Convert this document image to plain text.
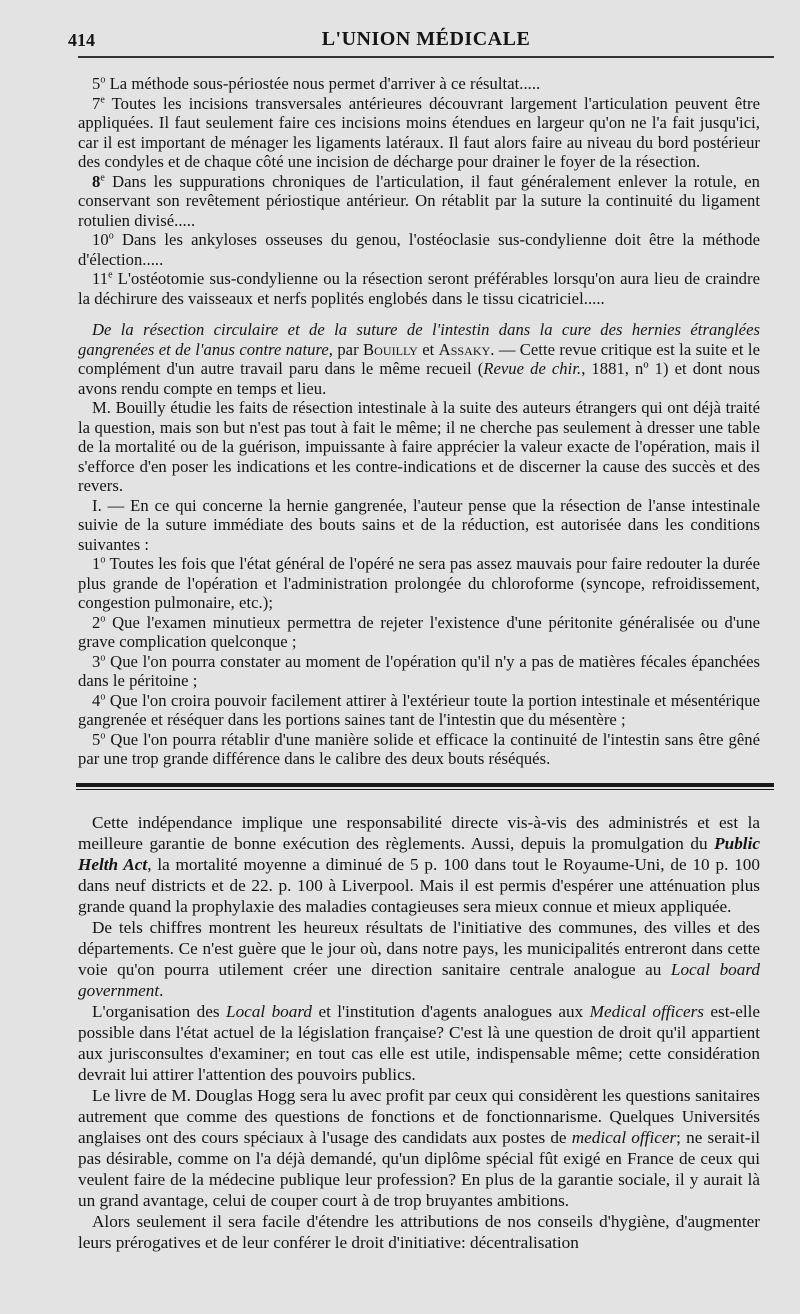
414	L'UNION MÉDICALE

5$^o$ La méthode sous-périostée nous permet d'arriver à ce résultat.....

7e Toutes les incisions transversales antérieures découvrant largement l'articulation peuvent être appliquées. Il faut seulement faire ces incisions moins étendues en largeur qu'on ne l'a fait jusqu'ici, car il est important de ménager les ligaments latéraux. Il faut alors faire au niveau du bord postérieur des condyles et de chaque côté une incision de décharge pour drainer le foyer de la résection.

8e Dans les suppurations chroniques de l'articulation, il faut généralement enlever la rotule, en conservant son revêtement périostique antérieur. On rétablit par la suture la continuité du ligament rotulien divisé.....

10$^o$ Dans les ankyloses osseuses du genou, l'ostéoclasie sus-condylienne doit être la méthode d'élection.....

11e L'ostéotomie sus-condylienne ou la résection seront préférables lorsqu'on aura lieu de craindre la déchirure des vaisseaux et nerfs poplités englobés dans le tissu cicatriciel.....

De la résection circulaire et de la suture de l'intestin dans la cure des hernies étranglées gangrenées et de l'anus contre nature, par Bouilly et Assaky. — Cette revue critique est la suite et le complément d'un autre travail paru dans le même recueil (Revue de chir., 1881, nº 1) et dont nous avons rendu compte en temps et lieu.

M. Bouilly étudie les faits de résection intestinale à la suite des auteurs étrangers qui ont déjà traité la question, mais son but n'est pas tout à fait le même; il ne cherche pas seulement à dresser une table de la mortalité ou de la guérison, impuissante à faire apprécier la valeur exacte de l'opération, mais il s'efforce d'en poser les indications et les contre-indications et de discerner la cause des succès et des revers.

I. — En ce qui concerne la hernie gangrenée, l'auteur pense que la résection de l'anse intestinale suivie de la suture immédiate des bouts sains et de la réduction, est autorisée dans les conditions suivantes :

1$^o$ Toutes les fois que l'état général de l'opéré ne sera pas assez mauvais pour faire redouter la durée plus grande de l'opération et l'administration prolongée du chloroforme (syncope, refroidissement, congestion pulmonaire, etc.);

2$^o$ Que l'examen minutieux permettra de rejeter l'existence d'une péritonite généralisée ou d'une grave complication quelconque ;

3$^o$ Que l'on pourra constater au moment de l'opération qu'il n'y a pas de matières fécales épanchées dans le péritoine ;

4$^o$ Que l'on croira pouvoir facilement attirer à l'extérieur toute la portion intestinale et mésentérique gangrenée et réséquer dans les portions saines tant de l'intestin que du mésentère ;

5$^o$ Que l'on pourra rétablir d'une manière solide et efficace la continuité de l'intestin sans être gêné par une trop grande différence dans le calibre des deux bouts réséqués.

Cette indépendance implique une responsabilité directe vis-à-vis des administrés et est la meilleure garantie de bonne exécution des règlements. Aussi, depuis la promulgation du Public Helth Act, la mortalité moyenne a diminué de 5 p. 100 dans tout le Royaume-Uni, de 10 p. 100 dans neuf districts et de 22. p. 100 à Liverpool. Mais il est permis d'espérer une atténuation plus grande quand la prophylaxie des maladies contagieuses sera mieux connue et mieux appliquée.

De tels chiffres montrent les heureux résultats de l'initiative des communes, des villes et des départements. Ce n'est guère que le jour où, dans notre pays, les municipalités entreront dans cette voie qu'on pourra utilement créer une direction sanitaire centrale analogue au Local board government.

L'organisation des Local board et l'institution d'agents analogues aux Medical officers est-elle possible dans l'état actuel de la législation française? C'est là une question de droit qu'il appartient aux jurisconsultes d'examiner; en tout cas elle est utile, indispensable même; cette considération devrait lui attirer l'attention des pouvoirs publics.

Le livre de M. Douglas Hogg sera lu avec profit par ceux qui considèrent les questions sanitaires autrement que comme des questions de fonctions et de fonctionnarisme. Quelques Universités anglaises ont des cours spéciaux à l'usage des candidats aux postes de medical officer; ne serait-il pas désirable, comme on l'a déjà demandé, qu'un diplôme spécial fût exigé en France de ceux qui veulent faire de la médecine publique leur profession? En plus de la garantie sociale, il y aurait là un grand avantage, celui de couper court à de trop bruyantes ambitions.

Alors seulement il sera facile d'étendre les attributions de nos conseils d'hygiène, d'augmenter leurs prérogatives et de leur conférer le droit d'initiative: décentralisation
